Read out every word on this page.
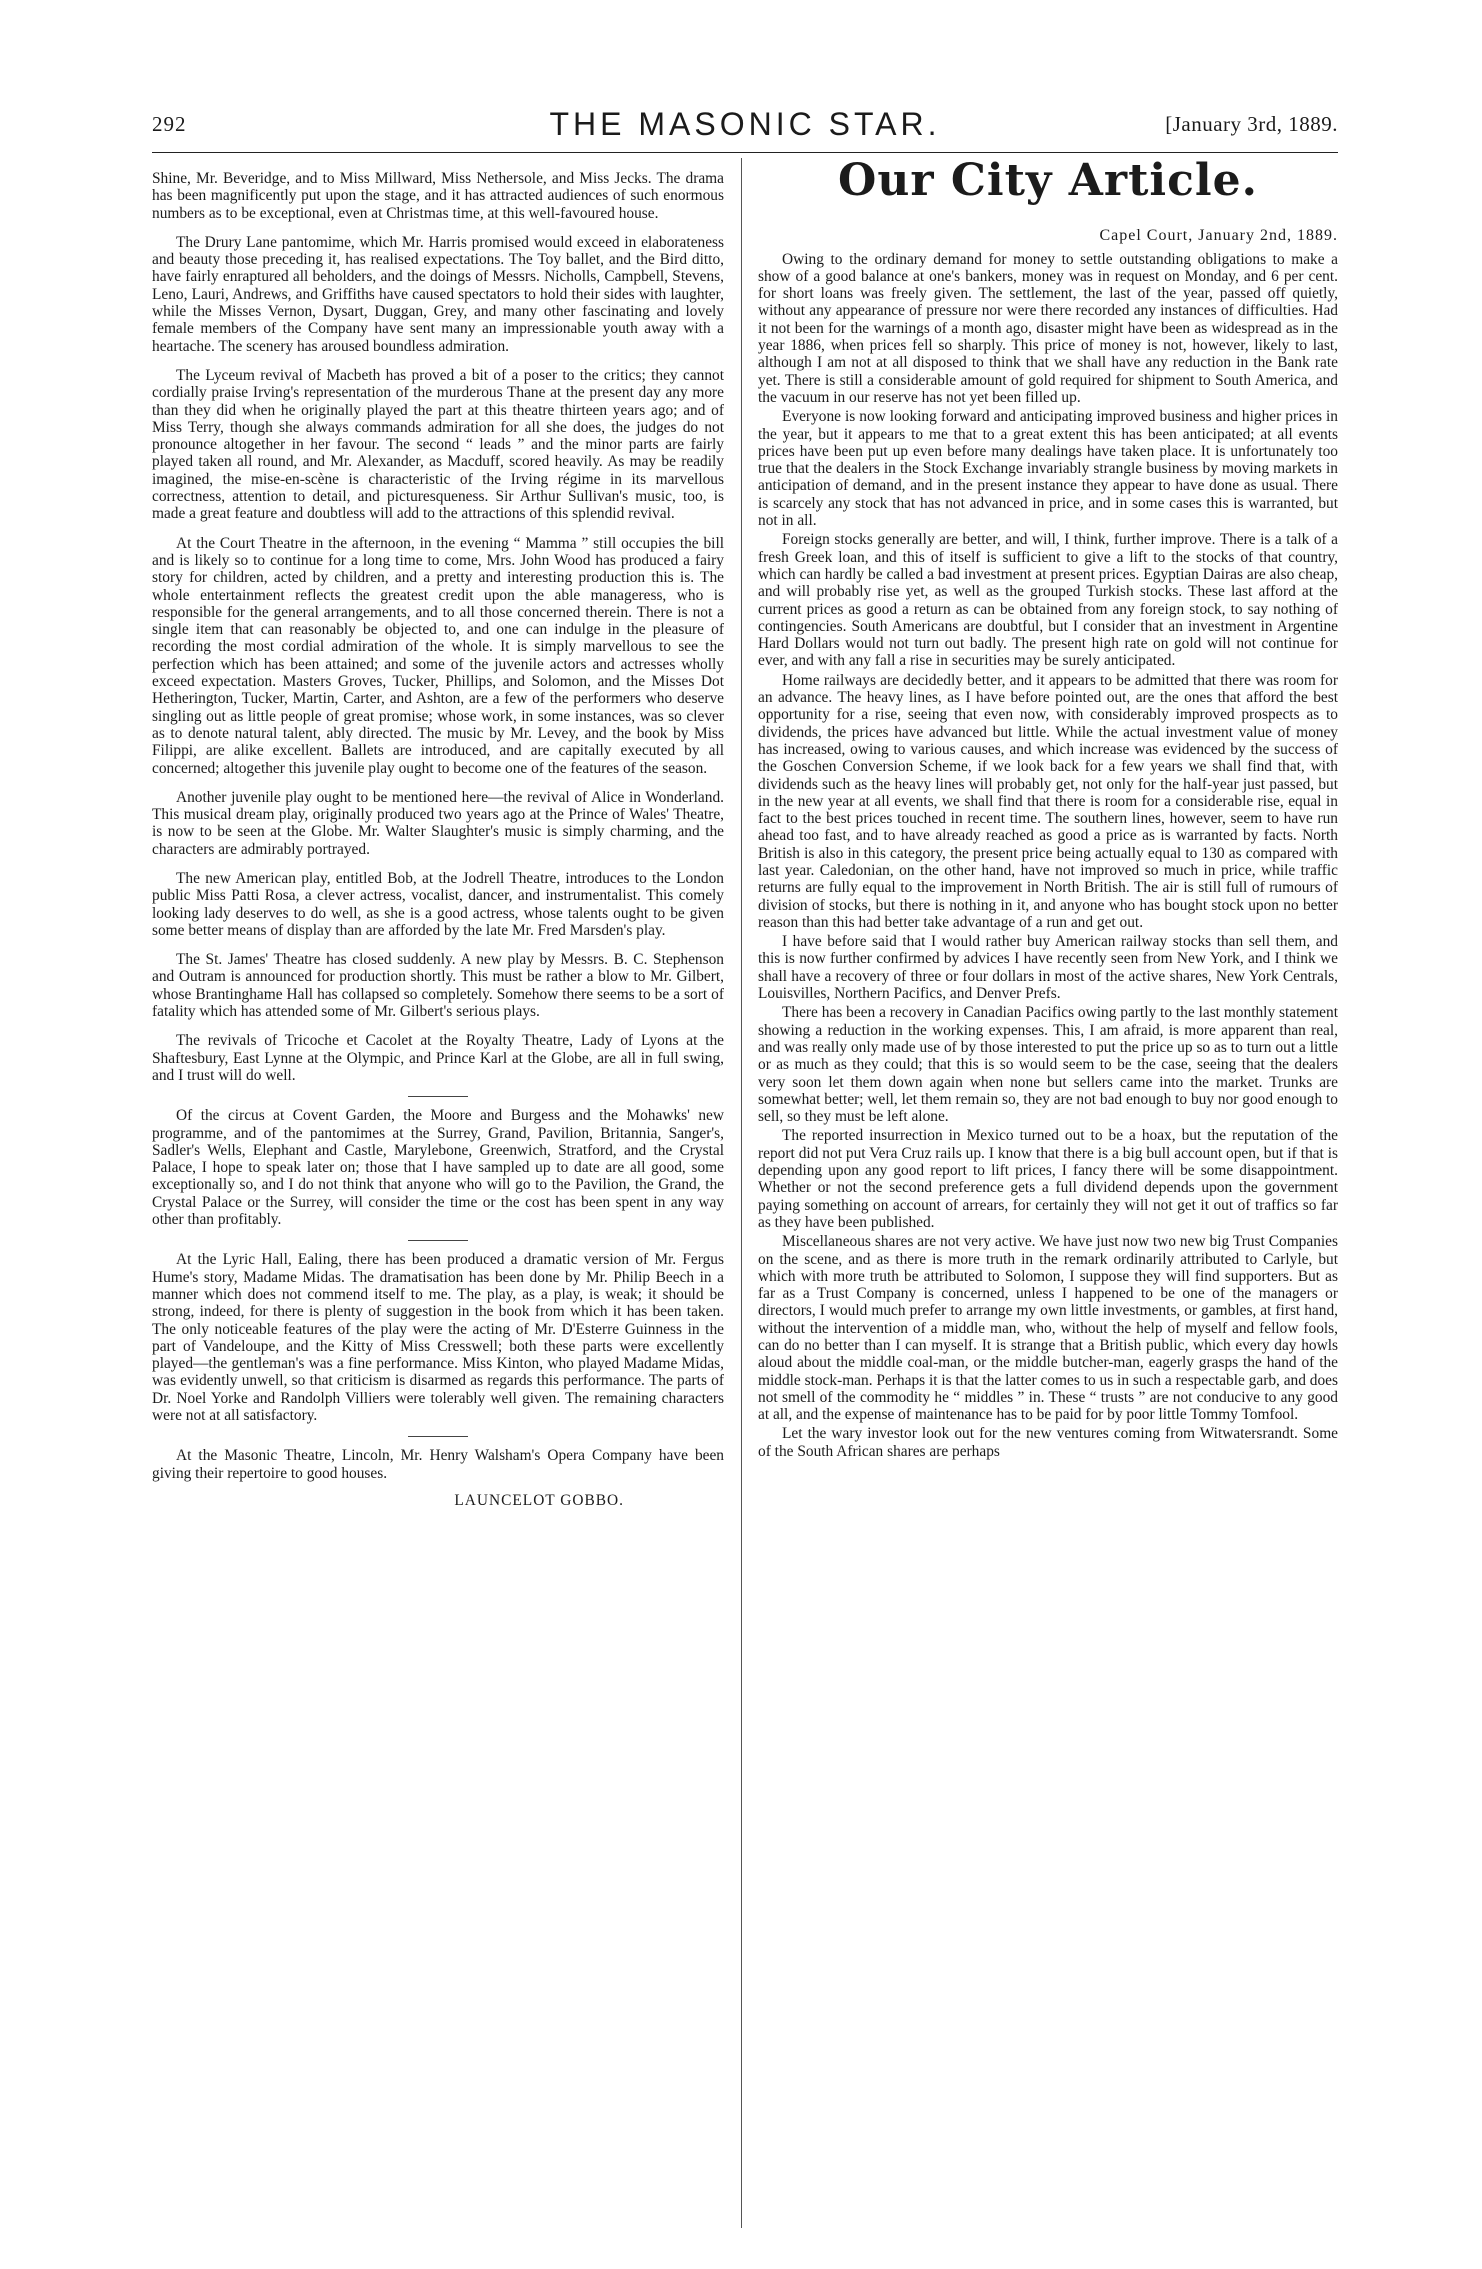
292	THE MASONIC STAR.	[January 3rd, 1889.

Shine, Mr. Beveridge, and to Miss Millward, Miss Nethersole, and Miss Jecks. The drama has been magnificently put upon the stage, and it has attracted audiences of such enormous numbers as to be exceptional, even at Christmas time, at this well-favoured house.

The Drury Lane pantomime, which Mr. Harris promised would exceed in elaborateness and beauty those preceding it, has realised expectations. The Toy ballet, and the Bird ditto, have fairly enraptured all beholders, and the doings of Messrs. Nicholls, Campbell, Stevens, Leno, Lauri, Andrews, and Griffiths have caused spectators to hold their sides with laughter, while the Misses Vernon, Dysart, Duggan, Grey, and many other fascinating and lovely female members of the Company have sent many an impressionable youth away with a heartache. The scenery has aroused boundless admiration.

The Lyceum revival of Macbeth has proved a bit of a poser to the critics; they cannot cordially praise Irving's representation of the murderous Thane at the present day any more than they did when he originally played the part at this theatre thirteen years ago; and of Miss Terry, though she always commands admiration for all she does, the judges do not pronounce altogether in her favour. The second “ leads ” and the minor parts are fairly played taken all round, and Mr. Alexander, as Macduff, scored heavily. As may be readily imagined, the mise-en-scène is characteristic of the Irving régime in its marvellous correctness, attention to detail, and picturesqueness. Sir Arthur Sullivan's music, too, is made a great feature and doubtless will add to the attractions of this splendid revival.

At the Court Theatre in the afternoon, in the evening “ Mamma ” still occupies the bill and is likely so to continue for a long time to come, Mrs. John Wood has produced a fairy story for children, acted by children, and a pretty and interesting production this is. The whole entertainment reflects the greatest credit upon the able manageress, who is responsible for the general arrangements, and to all those concerned therein. There is not a single item that can reasonably be objected to, and one can indulge in the pleasure of recording the most cordial admiration of the whole. It is simply marvellous to see the perfection which has been attained; and some of the juvenile actors and actresses wholly exceed expectation. Masters Groves, Tucker, Phillips, and Solomon, and the Misses Dot Hetherington, Tucker, Martin, Carter, and Ashton, are a few of the performers who deserve singling out as little people of great promise; whose work, in some instances, was so clever as to denote natural talent, ably directed. The music by Mr. Levey, and the book by Miss Filippi, are alike excellent. Ballets are introduced, and are capitally executed by all concerned; altogether this juvenile play ought to become one of the features of the season.

Another juvenile play ought to be mentioned here—the revival of Alice in Wonderland. This musical dream play, originally produced two years ago at the Prince of Wales' Theatre, is now to be seen at the Globe. Mr. Walter Slaughter's music is simply charming, and the characters are admirably portrayed.

The new American play, entitled Bob, at the Jodrell Theatre, introduces to the London public Miss Patti Rosa, a clever actress, vocalist, dancer, and instrumentalist. This comely looking lady deserves to do well, as she is a good actress, whose talents ought to be given some better means of display than are afforded by the late Mr. Fred Marsden's play.

The St. James' Theatre has closed suddenly. A new play by Messrs. B. C. Stephenson and Outram is announced for production shortly. This must be rather a blow to Mr. Gilbert, whose Brantinghame Hall has collapsed so completely. Somehow there seems to be a sort of fatality which has attended some of Mr. Gilbert's serious plays.

The revivals of Tricoche et Cacolet at the Royalty Theatre, Lady of Lyons at the Shaftesbury, East Lynne at the Olympic, and Prince Karl at the Globe, are all in full swing, and I trust will do well.

Of the circus at Covent Garden, the Moore and Burgess and the Mohawks' new programme, and of the pantomimes at the Surrey, Grand, Pavilion, Britannia, Sanger's, Sadler's Wells, Elephant and Castle, Marylebone, Greenwich, Stratford, and the Crystal Palace, I hope to speak later on; those that I have sampled up to date are all good, some exceptionally so, and I do not think that anyone who will go to the Pavilion, the Grand, the Crystal Palace or the Surrey, will consider the time or the cost has been spent in any way other than profitably.

At the Lyric Hall, Ealing, there has been produced a dramatic version of Mr. Fergus Hume's story, Madame Midas. The dramatisation has been done by Mr. Philip Beech in a manner which does not commend itself to me. The play, as a play, is weak; it should be strong, indeed, for there is plenty of suggestion in the book from which it has been taken. The only noticeable features of the play were the acting of Mr. D'Esterre Guinness in the part of Vandeloupe, and the Kitty of Miss Cresswell; both these parts were excellently played—the gentleman's was a fine performance. Miss Kinton, who played Madame Midas, was evidently unwell, so that criticism is disarmed as regards this performance. The parts of Dr. Noel Yorke and Randolph Villiers were tolerably well given. The remaining characters were not at all satisfactory.

At the Masonic Theatre, Lincoln, Mr. Henry Walsham's Opera Company have been giving their repertoire to good houses.

LAUNCELOT GOBBO.
Our City Article.
Capel Court, January 2nd, 1889.

Owing to the ordinary demand for money to settle outstanding obligations to make a show of a good balance at one's bankers, money was in request on Monday, and 6 per cent. for short loans was freely given. The settlement, the last of the year, passed off quietly, without any appearance of pressure nor were there recorded any instances of difficulties. Had it not been for the warnings of a month ago, disaster might have been as widespread as in the year 1886, when prices fell so sharply. This price of money is not, however, likely to last, although I am not at all disposed to think that we shall have any reduction in the Bank rate yet. There is still a considerable amount of gold required for shipment to South America, and the vacuum in our reserve has not yet been filled up.

Everyone is now looking forward and anticipating improved business and higher prices in the year, but it appears to me that to a great extent this has been anticipated; at all events prices have been put up even before many dealings have taken place. It is unfortunately too true that the dealers in the Stock Exchange invariably strangle business by moving markets in anticipation of demand, and in the present instance they appear to have done as usual. There is scarcely any stock that has not advanced in price, and in some cases this is warranted, but not in all.

Foreign stocks generally are better, and will, I think, further improve. There is a talk of a fresh Greek loan, and this of itself is sufficient to give a lift to the stocks of that country, which can hardly be called a bad investment at present prices. Egyptian Dairas are also cheap, and will probably rise yet, as well as the grouped Turkish stocks. These last afford at the current prices as good a return as can be obtained from any foreign stock, to say nothing of contingencies. South Americans are doubtful, but I consider that an investment in Argentine Hard Dollars would not turn out badly. The present high rate on gold will not continue for ever, and with any fall a rise in securities may be surely anticipated.

Home railways are decidedly better, and it appears to be admitted that there was room for an advance. The heavy lines, as I have before pointed out, are the ones that afford the best opportunity for a rise, seeing that even now, with considerably improved prospects as to dividends, the prices have advanced but little. While the actual investment value of money has increased, owing to various causes, and which increase was evidenced by the success of the Goschen Conversion Scheme, if we look back for a few years we shall find that, with dividends such as the heavy lines will probably get, not only for the half-year just passed, but in the new year at all events, we shall find that there is room for a considerable rise, equal in fact to the best prices touched in recent time. The southern lines, however, seem to have run ahead too fast, and to have already reached as good a price as is warranted by facts. North British is also in this category, the present price being actually equal to 130 as compared with last year. Caledonian, on the other hand, have not improved so much in price, while traffic returns are fully equal to the improvement in North British. The air is still full of rumours of division of stocks, but there is nothing in it, and anyone who has bought stock upon no better reason than this had better take advantage of a run and get out.

I have before said that I would rather buy American railway stocks than sell them, and this is now further confirmed by advices I have recently seen from New York, and I think we shall have a recovery of three or four dollars in most of the active shares, New York Centrals, Louisvilles, Northern Pacifics, and Denver Prefs.

There has been a recovery in Canadian Pacifics owing partly to the last monthly statement showing a reduction in the working expenses. This, I am afraid, is more apparent than real, and was really only made use of by those interested to put the price up so as to turn out a little or as much as they could; that this is so would seem to be the case, seeing that the dealers very soon let them down again when none but sellers came into the market. Trunks are somewhat better; well, let them remain so, they are not bad enough to buy nor good enough to sell, so they must be left alone.

The reported insurrection in Mexico turned out to be a hoax, but the reputation of the report did not put Vera Cruz rails up. I know that there is a big bull account open, but if that is depending upon any good report to lift prices, I fancy there will be some disappointment. Whether or not the second preference gets a full dividend depends upon the government paying something on account of arrears, for certainly they will not get it out of traffics so far as they have been published.

Miscellaneous shares are not very active. We have just now two new big Trust Companies on the scene, and as there is more truth in the remark ordinarily attributed to Carlyle, but which with more truth be attributed to Solomon, I suppose they will find supporters. But as far as a Trust Company is concerned, unless I happened to be one of the managers or directors, I would much prefer to arrange my own little investments, or gambles, at first hand, without the intervention of a middle man, who, without the help of myself and fellow fools, can do no better than I can myself. It is strange that a British public, which every day howls aloud about the middle coal-man, or the middle butcher-man, eagerly grasps the hand of the middle stock-man. Perhaps it is that the latter comes to us in such a respectable garb, and does not smell of the commodity he “ middles ” in. These “ trusts ” are not conducive to any good at all, and the expense of maintenance has to be paid for by poor little Tommy Tomfool.

Let the wary investor look out for the new ventures coming from Witwatersrandt. Some of the South African shares are perhaps
